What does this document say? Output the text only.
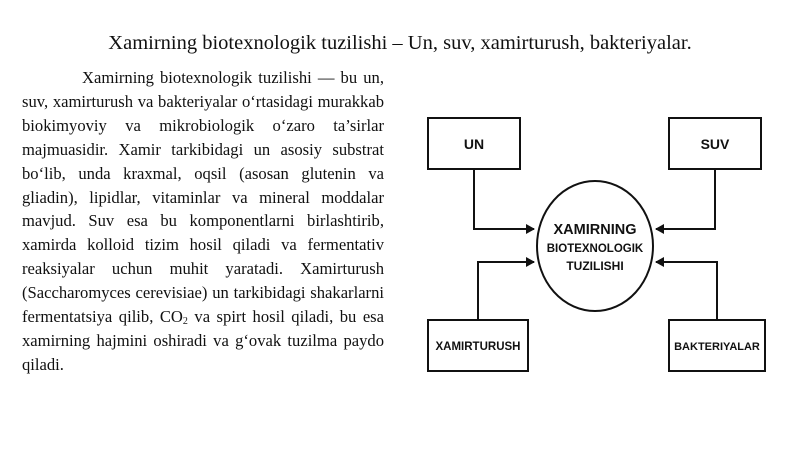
Xamirning biotexnologik tuzilishi – Un, suv, xamirturush, bakteriyalar.

Xamirning biotexnologik tuzilishi — bu un, suv, xamirturush va bakteriyalar o‘rtasidagi murakkab biokimyoviy va mikrobiologik o‘zaro ta’sirlar majmuasidir. Xamir tarkibidagi un asosiy substrat bo‘lib, unda kraxmal, oqsil (asosan glutenin va gliadin), lipidlar, vitaminlar va mineral moddalar mavjud. Suv esa bu komponentlarni birlashtirib, xamirda kolloid tizim hosil qiladi va fermentativ reaksiyalar uchun muhit yaratadi. Xamirturush (Saccharomyces cerevisiae) un tarkibidagi shakarlarni fermentatsiya qilib, $CO_2$ va spirt hosil qiladi, bu esa xamirning hajmini oshiradi va g‘ovak tuzilma paydo qiladi.

XAMIRNING
BIOTEXNOLOGIK
TUZILISHI
UN	SUV
XAMIRTURUSH	BAKTERIYALAR
